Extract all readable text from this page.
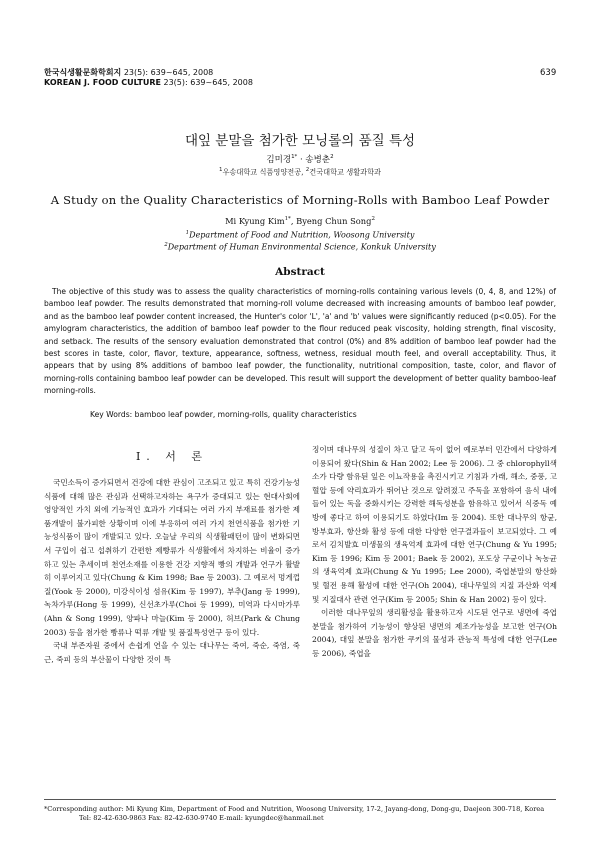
한국식생활문화학회지 23(5): 639~645, 2008
KOREAN J. FOOD CULTURE 23(5): 639~645, 2008
639
대잎 분말을 첨가한 모닝롤의 품질 특성
김미경$^{1*}$ · 송병춘$^2$
$^1$우송대학교 식품영양전공, $^2$건국대학교 생활과학과
A Study on the Quality Characteristics of Morning-Rolls with Bamboo Leaf Powder
Mi Kyung Kim$^{1*}$, Byeng Chun Song$^2$
$^1$Department of Food and Nutrition, Woosong University
$^2$Department of Human Environmental Science, Konkuk University
Abstract
The objective of this study was to assess the quality characteristics of morning-rolls containing various levels (0, 4, 8, and 12%) of bamboo leaf powder. The results demonstrated that morning-roll volume decreased with increasing amounts of bamboo leaf powder, and as the bamboo leaf powder content increased, the Hunter's color 'L', 'a' and 'b' values were significantly reduced (p<0.05). For the amylogram characteristics, the addition of bamboo leaf powder to the flour reduced peak viscosity, holding strength, final viscosity, and setback. The results of the sensory evaluation demonstrated that control (0%) and 8% addition of bamboo leaf powder had the best scores in taste, color, flavor, texture, appearance, softness, wetness, residual mouth feel, and overall acceptability. Thus, it appears that by using 8% additions of bamboo leaf powder, the functionality, nutritional composition, taste, color, and flavor of morning-rolls containing bamboo leaf powder can be developed. This result will support the development of better quality bamboo-leaf morning-rolls.
Key Words: bamboo leaf powder, morning-rolls, quality characteristics
I. 서 론

국민소득이 증가되면서 건강에 대한 관심이 고조되고 있고 특히 건강기능성 식품에 대해 많은 관심과 선택하고자하는 욕구가 증대되고 있는 현대사회에 영양적인 가치 외에 기능적인 효과가 기대되는 여러 가지 부재료를 첨가한 제품개발이 불가피한 상황이며 이에 부응하여 여러 가지 천연식품을 첨가한 기능성식품이 많이 개발되고 있다. 오늘날 우리의 식생활패턴이 많이 변화되면서 구입이 쉽고 섭취하기 간편한 제빵류가 식생활에서 차지하는 비율이 증가하고 있는 추세이며 천연소재를 이용한 건강 지향적 빵의 개발과 연구가 활발히 이루어지고 있다(Chung & Kim 1998; Bae 등 2003). 그 예로서 멍게껍질(Yook 등 2000), 미강식이성 섬유(Kim 등 1997), 부추(Jang 등 1999), 녹차가루(Hong 등 1999), 신선초가루(Choi 등 1999), 미역과 다시마가루(Ahn & Song 1999), 양파나 마늘(Kim 등 2000), 허브(Park & Chung 2003) 등을 첨가한 빵류나 떡류 개발 및 품질특성연구 등이 있다.

국내 부존자원 중에서 손쉽게 연을 수 있는 대나무는 죽여, 죽순, 죽염, 죽근, 죽피 등의 부산물이 다양한 것이 특

징이며 대나무의 성질이 차고 달고 독이 없어 예로부터 민간에서 다양하게 이용되어 왔다(Shin & Han 2002; Lee 등 2006). 그 중 chlorophyll색소가 다량 함유된 잎은 이뇨작용을 촉진시키고 기침과 가래, 해소, 중풍, 고혈압 등에 약리효과가 뛰어난 것으로 알려졌고 주독을 포함하여 음식 내에 들어 있는 독을 중화시키는 강력한 해독성분을 함유하고 있어서 식중독 예방에 좋다고 하여 이용되기도 하였다(Im 등 2004). 또한 대나무의 항균, 방부효과, 항산화 활성 등에 대한 다양한 연구결과들이 보고되었다. 그 예로서 김치발효 미생물의 생육억제 효과에 대한 연구(Chung & Yu 1995; Kim 등 1996; Kim 등 2001; Baek 등 2002), 포도상 구균이나 녹농균의 생육억제 효과(Chung & Yu 1995; Lee 2000), 죽엽분말의 항산화 및 혈전 용해 활성에 대한 연구(Oh 2004), 대나무잎의 지질 과산화 억제 및 지질대사 관련 연구(Kim 등 2005; Shin & Han 2002) 등이 있다.

이러한 대나무잎의 생리활성을 활용하고자 시도된 연구로 냉면에 죽엽분말을 첨가하여 기능성이 향상된 냉면의 제조가능성을 보고한 연구(Oh 2004), 대잎 분말을 첨가한 쿠키의 물성과 관능적 특성에 대한 연구(Lee 등 2006), 죽엽을

*Corresponding author: Mi Kyung Kim, Department of Food and Nutrition, Woosong University, 17-2, Jayang-dong, Dong-gu, Daejeon 300-718, Korea
Tel: 82-42-630-9863 Fax: 82-42-630-9740 E-mail: kyungdec@hanmail.net
